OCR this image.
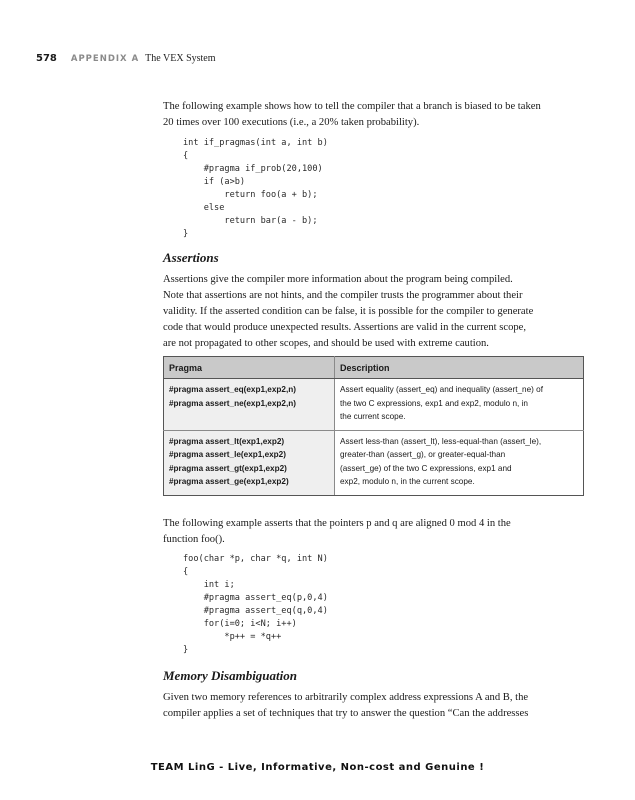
578 APPENDIX A The VEX System

The following example shows how to tell the compiler that a branch is biased to be taken
20 times over 100 executions (i.e., a 20% taken probability).

int if_pragmas(int a, int b)
{
#pragma if_prob(20,100)
if (a>b)
return foo(a + b);
else
return bar(a - b);
}
Assertions

Assertions give the compiler more information about the program being compiled.
Note that assertions are not hints, and the compiler trusts the programmer about their
validity. If the asserted condition can be false, it is possible for the compiler to generate
code that would produce unexpected results. Assertions are valid in the current scope,
are not propagated to other scopes, and should be used with extreme caution.

Pragma	Description

#pragma assert_eq(exp1,exp2,n)
#pragma assert_ne(exp1,exp2,n)	Assert equality (assert_eq) and inequality (assert_ne) of
the two C expressions, exp1 and exp2, modulo n, in
the current scope.

#pragma assert_lt(exp1,exp2)
#pragma assert_le(exp1,exp2)
#pragma assert_gt(exp1,exp2)
#pragma assert_ge(exp1,exp2)	Assert less-than (assert_lt), less-equal-than (assert_le),
greater-than (assert_g), or greater-equal-than
(assert_ge) of the two C expressions, exp1 and
exp2, modulo n, in the current scope.

The following example asserts that the pointers p and q are aligned 0 mod 4 in the
function foo().

foo(char *p, char *q, int N)
{
int i;
#pragma assert_eq(p,0,4)
#pragma assert_eq(q,0,4)
for(i=0; i<N; i++)
*p++ = *q++
}
Memory Disambiguation

Given two memory references to arbitrarily complex address expressions A and B, the
compiler applies a set of techniques that try to answer the question “Can the addresses

TEAM LinG - Live, Informative, Non-cost and Genuine !
